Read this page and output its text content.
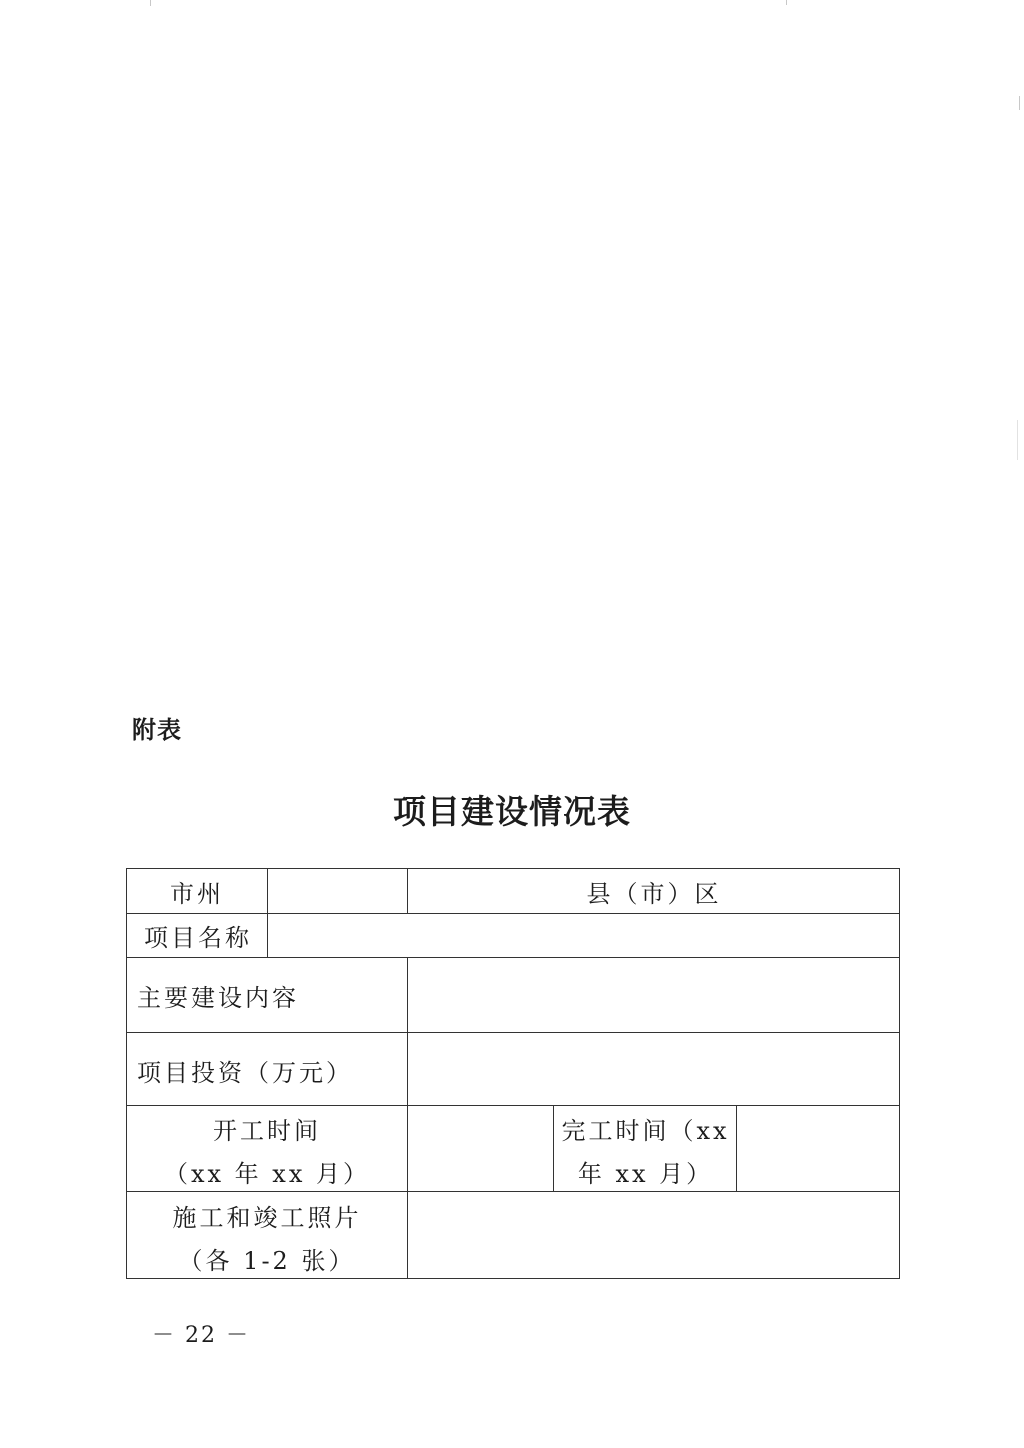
附表
项目建设情况表
市州	县（市）区
项目名称
主要建设内容
项目投资（万元）
开工时间
（xx 年 xx 月）
完工时间（xx
年 xx 月）
施工和竣工照片
（各 1-2 张）
－ 22 －
